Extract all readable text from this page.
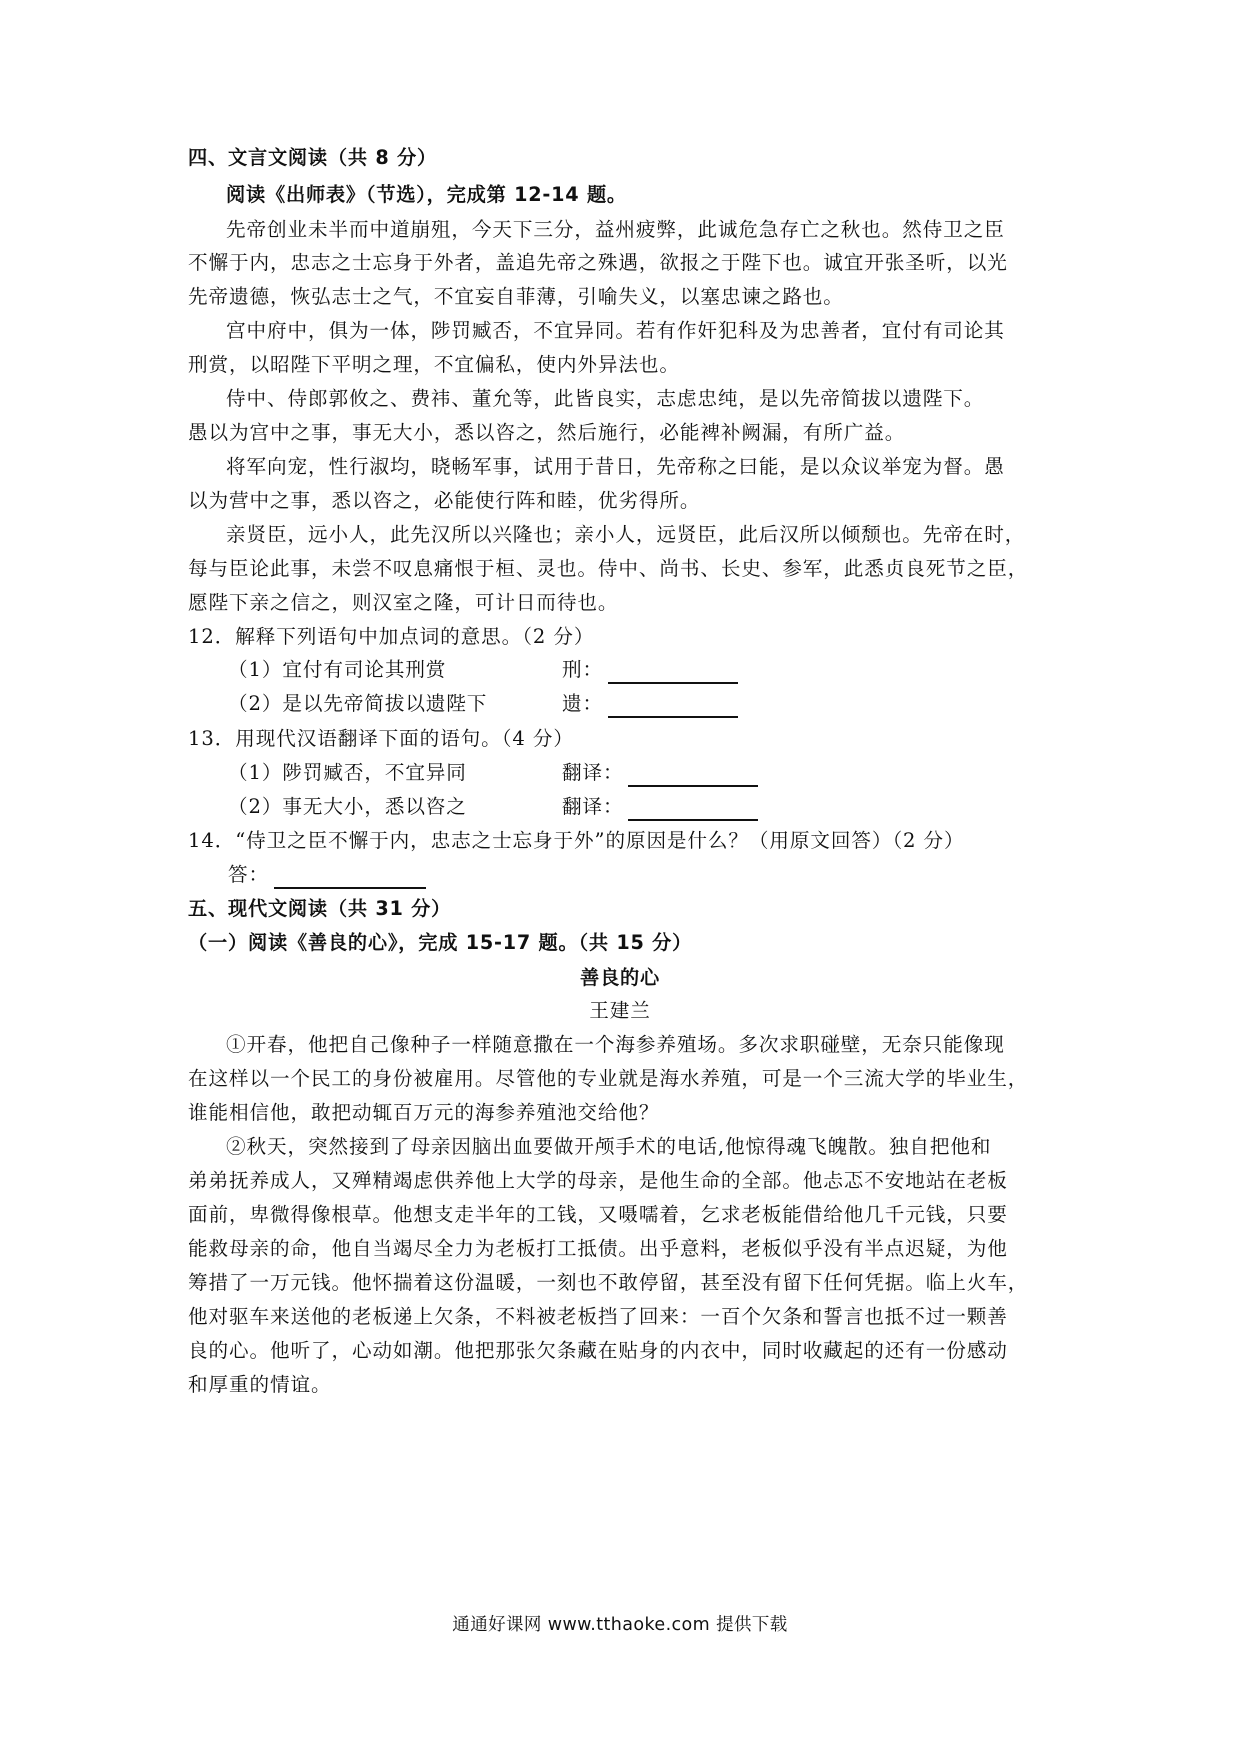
四、文言文阅读（共 8 分）
阅读《出师表》（节选），完成第 12-14 题。
先帝创业未半而中道崩殂，今天下三分，益州疲弊，此诚危急存亡之秋也。然侍卫之臣
不懈于内，忠志之士忘身于外者，盖追先帝之殊遇，欲报之于陛下也。诚宜开张圣听，以光
先帝遗德，恢弘志士之气，不宜妄自菲薄，引喻失义，以塞忠谏之路也。
宫中府中，俱为一体，陟罚臧否，不宜异同。若有作奸犯科及为忠善者，宜付有司论其
刑赏，以昭陛下平明之理，不宜偏私，使内外异法也。
侍中、侍郎郭攸之、费祎、董允等，此皆良实，志虑忠纯，是以先帝简拔以遗陛下。
愚以为宫中之事，事无大小，悉以咨之，然后施行，必能裨补阙漏，有所广益。
将军向宠，性行淑均，晓畅军事，试用于昔日，先帝称之曰能，是以众议举宠为督。愚
以为营中之事，悉以咨之，必能使行阵和睦，优劣得所。
亲贤臣，远小人，此先汉所以兴隆也；亲小人，远贤臣，此后汉所以倾颓也。先帝在时，
每与臣论此事，未尝不叹息痛恨于桓、灵也。侍中、尚书、长史、参军，此悉贞良死节之臣，
愿陛下亲之信之，则汉室之隆，可计日而待也。
12．解释下列语句中加点词的意思。（2 分）
（1）宜付有司论其刑赏	刑：
（2）是以先帝简拔以遗陛下	遗：
13．用现代汉语翻译下面的语句。（4 分）
（1）陟罚臧否，不宜异同	翻译：
（2）事无大小，悉以咨之	翻译：
14．“侍卫之臣不懈于内，忠志之士忘身于外”的原因是什么？（用原文回答）（2 分）
答：
五、现代文阅读（共 31 分）
（一）阅读《善良的心》，完成 15-17 题。（共 15 分）
善良的心
王建兰
①开春，他把自己像种子一样随意撒在一个海参养殖场。多次求职碰壁，无奈只能像现
在这样以一个民工的身份被雇用。尽管他的专业就是海水养殖，可是一个三流大学的毕业生，
谁能相信他，敢把动辄百万元的海参养殖池交给他？
②秋天，突然接到了母亲因脑出血要做开颅手术的电话,他惊得魂飞魄散。独自把他和
弟弟抚养成人，又殚精竭虑供养他上大学的母亲，是他生命的全部。他忐忑不安地站在老板
面前，卑微得像根草。他想支走半年的工钱，又嗫嚅着，乞求老板能借给他几千元钱，只要
能救母亲的命，他自当竭尽全力为老板打工抵债。出乎意料，老板似乎没有半点迟疑，为他
筹措了一万元钱。他怀揣着这份温暖，一刻也不敢停留，甚至没有留下任何凭据。临上火车，
他对驱车来送他的老板递上欠条，不料被老板挡了回来：一百个欠条和誓言也抵不过一颗善
良的心。他听了，心动如潮。他把那张欠条藏在贴身的内衣中，同时收藏起的还有一份感动
和厚重的情谊。
通通好课网 www.tthaoke.com 提供下载
